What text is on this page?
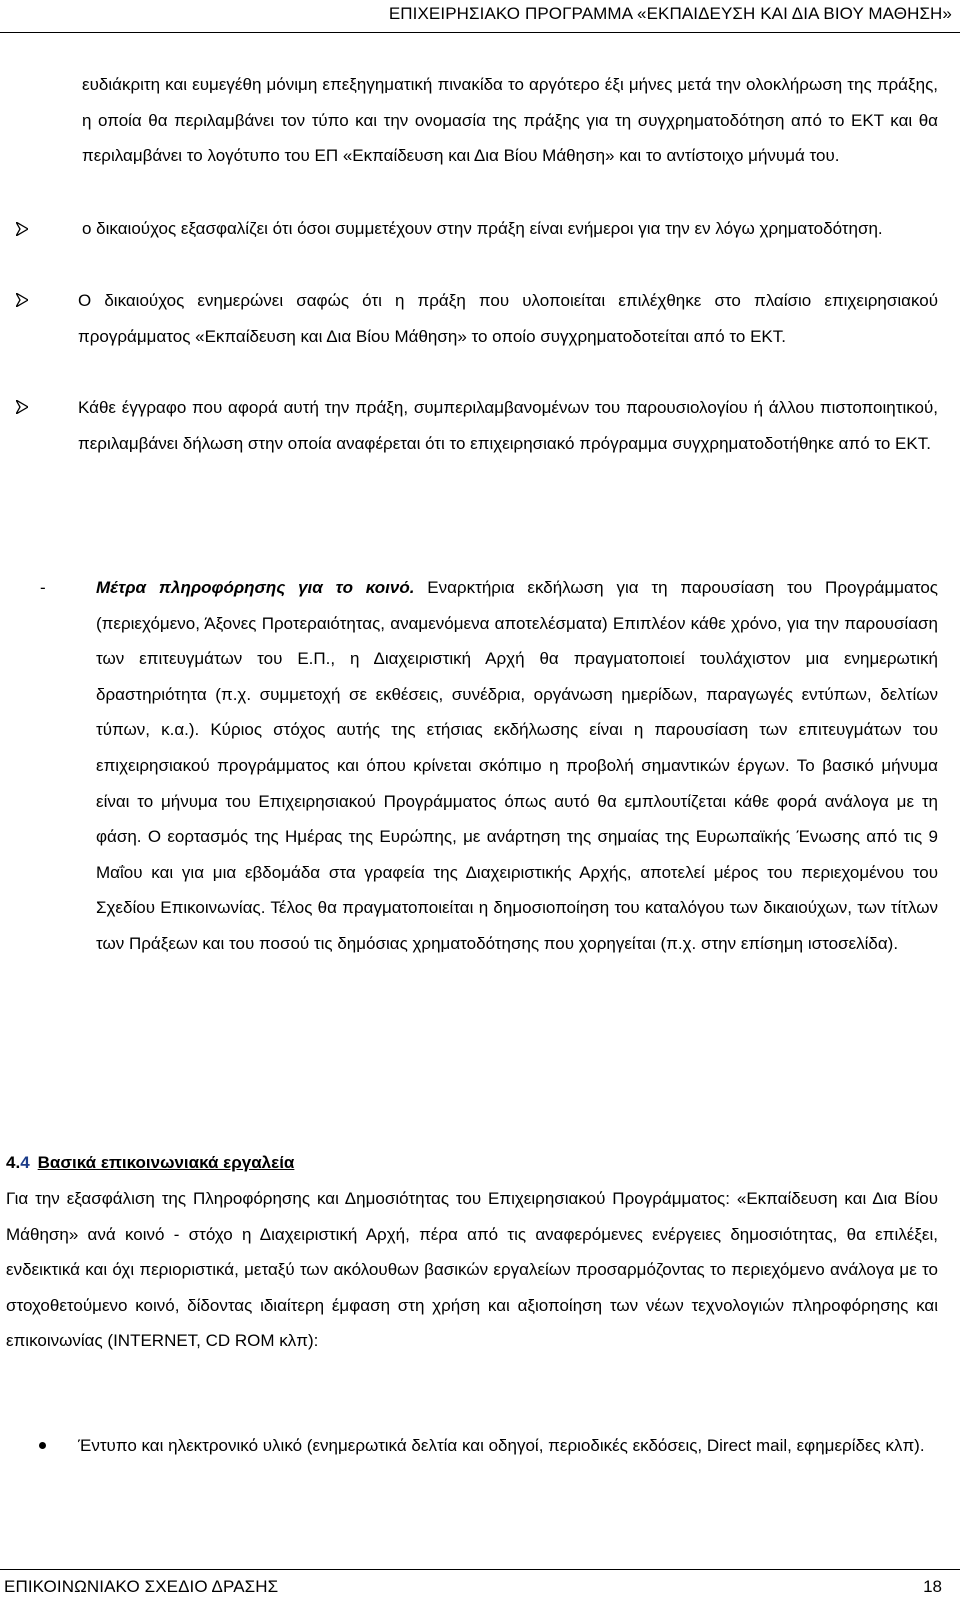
ΕΠΙΧΕΙΡΗΣΙΑΚΟ ΠΡΟΓΡΑΜΜΑ «ΕΚΠΑΙΔΕΥΣΗ ΚΑΙ ΔΙΑ ΒΙΟΥ ΜΑΘΗΣΗ»

ευδιάκριτη και ευμεγέθη μόνιμη επεξηγηματική πινακίδα το αργότερο έξι μήνες μετά την ολοκλήρωση της πράξης, η οποία θα περιλαμβάνει τον τύπο και την ονομασία της πράξης για τη συγχρηματοδότηση από το ΕΚΤ και θα περιλαμβάνει το λογότυπο του ΕΠ «Εκπαίδευση και Δια Βίου Μάθηση» και το αντίστοιχο μήνυμά του.

ο δικαιούχος εξασφαλίζει ότι όσοι συμμετέχουν στην πράξη είναι ενήμεροι για την εν λόγω χρηματοδότηση.

Ο δικαιούχος ενημερώνει σαφώς ότι η πράξη που υλοποιείται επιλέχθηκε στο πλαίσιο επιχειρησιακού προγράμματος «Εκπαίδευση και Δια Βίου Μάθηση» το οποίο συγχρηματοδοτείται από το ΕΚΤ.

Κάθε έγγραφο που αφορά αυτή την πράξη, συμπεριλαμβανομένων του παρουσιολογίου ή άλλου πιστοποιητικού, περιλαμβάνει δήλωση στην οποία αναφέρεται ότι το επιχειρησιακό πρόγραμμα συγχρηματοδοτήθηκε από το ΕΚΤ.

-	Μέτρα πληροφόρησης για το κοινό. Εναρκτήρια εκδήλωση για τη παρουσίαση του Προγράμματος (περιεχόμενο, Άξονες Προτεραιότητας, αναμενόμενα αποτελέσματα) Επιπλέον κάθε χρόνο, για την παρουσίαση των επιτευγμάτων του Ε.Π., η Διαχειριστική Αρχή θα πραγματοποιεί τουλάχιστον μια ενημερωτική δραστηριότητα (π.χ. συμμετοχή σε εκθέσεις, συνέδρια, οργάνωση ημερίδων, παραγωγές εντύπων, δελτίων τύπων, κ.α.). Κύριος στόχος αυτής της ετήσιας εκδήλωσης είναι η παρουσίαση των επιτευγμάτων του επιχειρησιακού προγράμματος και όπου κρίνεται σκόπιμο η προβολή σημαντικών έργων. Το βασικό μήνυμα είναι το μήνυμα του Επιχειρησιακού Προγράμματος όπως αυτό θα εμπλουτίζεται κάθε φορά ανάλογα με τη φάση. Ο εορτασμός της Ημέρας της Ευρώπης, με ανάρτηση της σημαίας της Ευρωπαϊκής Ένωσης από τις 9 Μαΐου και για μια εβδομάδα στα γραφεία της Διαχειριστικής Αρχής, αποτελεί μέρος του περιεχομένου του Σχεδίου Επικοινωνίας. Τέλος θα πραγματοποιείται η δημοσιοποίηση του καταλόγου των δικαιούχων, των τίτλων των Πράξεων και του ποσού τις δημόσιας χρηματοδότησης που χορηγείται (π.χ. στην επίσημη ιστοσελίδα).

4.4 Βασικά επικοινωνιακά εργαλεία

Για την εξασφάλιση της Πληροφόρησης και Δημοσιότητας του Επιχειρησιακού Προγράμματος: «Εκπαίδευση και Δια Βίου Μάθηση» ανά κοινό - στόχο η Διαχειριστική Αρχή, πέρα από τις αναφερόμενες ενέργειες δημοσιότητας, θα επιλέξει, ενδεικτικά και όχι περιοριστικά, μεταξύ των ακόλουθων βασικών εργαλείων προσαρμόζοντας το περιεχόμενο ανάλογα με το στοχοθετούμενο κοινό, δίδοντας ιδιαίτερη έμφαση στη χρήση και αξιοποίηση των νέων τεχνολογιών πληροφόρησης και επικοινωνίας (INTERNET, CD ROM κλπ):

Έντυπο και ηλεκτρονικό υλικό (ενημερωτικά δελτία και οδηγοί, περιοδικές εκδόσεις, Direct mail, εφημερίδες κλπ).

ΕΠΙΚΟΙΝΩΝΙΑΚΟ ΣΧΕΔΙΟ ΔΡΑΣΗΣ	18
